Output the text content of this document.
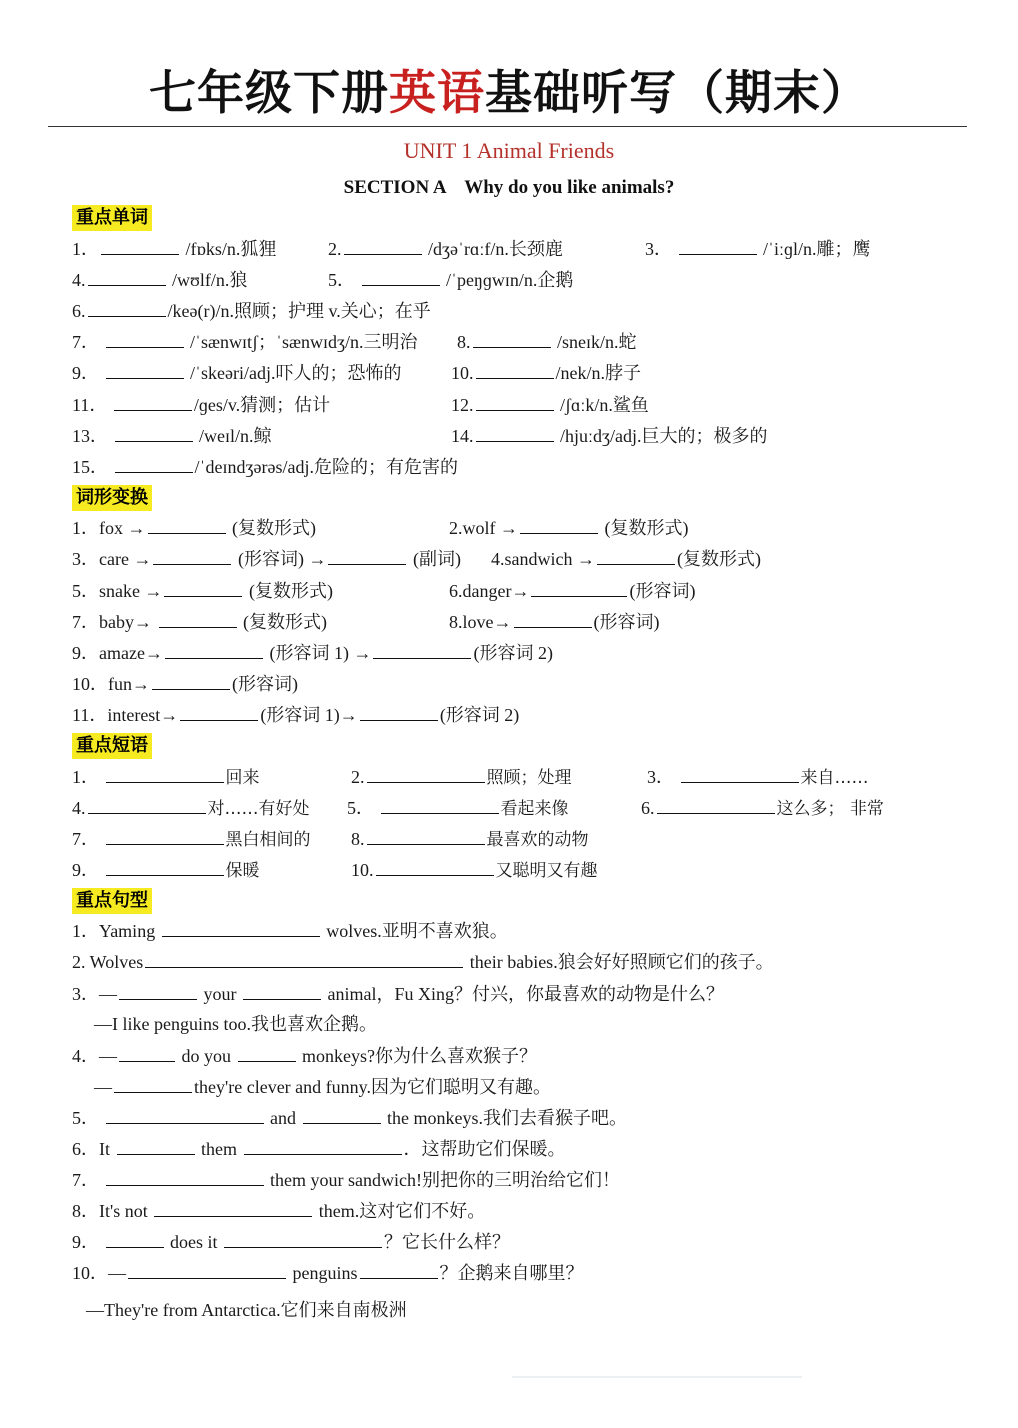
七年级下册英语基础听写（期末）
UNIT 1 Animal Friends
SECTION A    Why do you like animals?
重点单词
1．	/fɒks/n.狐狸	2.	/dʒəˈrɑːf/n.长颈鹿	3．	/ˈiːɡl/n.雕；鹰
4.	/wʊlf/n.狼	5．	/ˈpeŋɡwɪn/n.企鹅
6.	/keə(r)/n.照顾；护理 v.关心；在乎
7．	/ˈsænwɪtʃ；ˈsænwɪdʒ/n.三明治 8.	/sneɪk/n.蛇
9．	/ˈskeəri/adj.吓人的；恐怖的	10.	/nek/n.脖子
11．	/ɡes/v.猜测；估计	12.	/ʃɑːk/n.鲨鱼
13．	/weɪl/n.鲸	14.	/hjuːdʒ/adj.巨大的；极多的
15．	/ˈdeɪndʒərəs/adj.危险的；有危害的
词形变换
1．fox →	(复数形式)	2.wolf →	(复数形式)
3．care →	(形容词) →	(副词) 4.sandwich →	(复数形式)
5．snake →	(复数形式)	6.danger→	(形容词)
7．baby→	(复数形式)	8.love→	(形容词)
9．amaze→	(形容词 1) →	(形容词 2)
10．fun→	(形容词)
11．interest→	(形容词 1)→	(形容词 2)
重点短语
1．	回来	2.	照顾；处理	3．	来自……
4.	对……有好处 5．	看起来像	6.	这么多； 非常
7．	黑白相间的 8.	最喜欢的动物
9．	保暖	10.	又聪明又有趣
重点句型
1．Yaming	wolves.亚明不喜欢狼。
2. Wolves	their babies.狼会好好照顾它们的孩子。
3．—	your	animal，Fu Xing？付兴，你最喜欢的动物是什么？
—I like penguins too.我也喜欢企鹅。
4．—	do you	monkeys?你为什么喜欢猴子？
—	they're clever and funny.因为它们聪明又有趣。
5．	and	the monkeys.我们去看猴子吧。
6．It	them	．这帮助它们保暖。
7．	them your sandwich!别把你的三明治给它们！
8．It's not	them.这对它们不好。
9．	does it	？它长什么样？
10．—	penguins	？企鹅来自哪里？
—They're from Antarctica.它们来自南极洲
